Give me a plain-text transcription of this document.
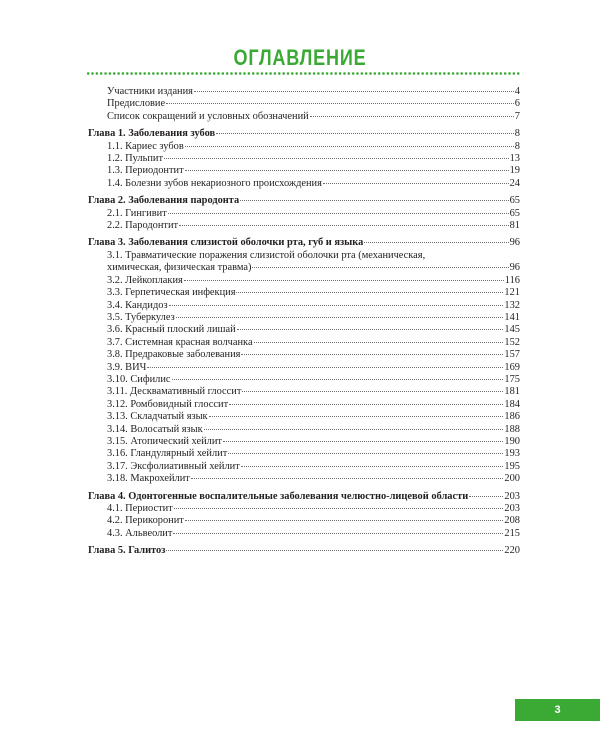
ОГЛАВЛЕНИЕ
Участники издания	4
Предисловие	6
Список сокращений и условных обозначений	7
Глава 1. Заболевания зубов	8
1.1. Кариес зубов	8
1.2. Пульпит	13
1.3. Периодонтит	19
1.4. Болезни зубов некариозного происхождения	24
Глава 2. Заболевания пародонта	65
2.1. Гингивит	65
2.2. Пародонтит	81
Глава 3. Заболевания слизистой оболочки рта, губ и языка	96
3.1. Травматические поражения слизистой оболочки рта (механическая,
химическая, физическая травма)	96
3.2. Лейкоплакия	116
3.3. Герпетическая инфекция	121
3.4. Кандидоз	132
3.5. Туберкулез	141
3.6. Красный плоский лишай	145
3.7. Системная красная волчанка	152
3.8. Предраковые заболевания	157
3.9. ВИЧ	169
3.10. Сифилис	175
3.11. Десквамативный глоссит	181
3.12. Ромбовидный глоссит	184
3.13. Складчатый язык	186
3.14. Волосатый язык	188
3.15. Атопический хейлит	190
3.16. Гландулярный хейлит	193
3.17. Эксфолиативный хейлит	195
3.18. Макрохейлит	200
Глава 4. Одонтогенные воспалительные заболевания челюстно-лицевой области	203
4.1. Периостит	203
4.2. Перикоронит	208
4.3. Альвеолит	215
Глава 5. Галитоз	220
3
